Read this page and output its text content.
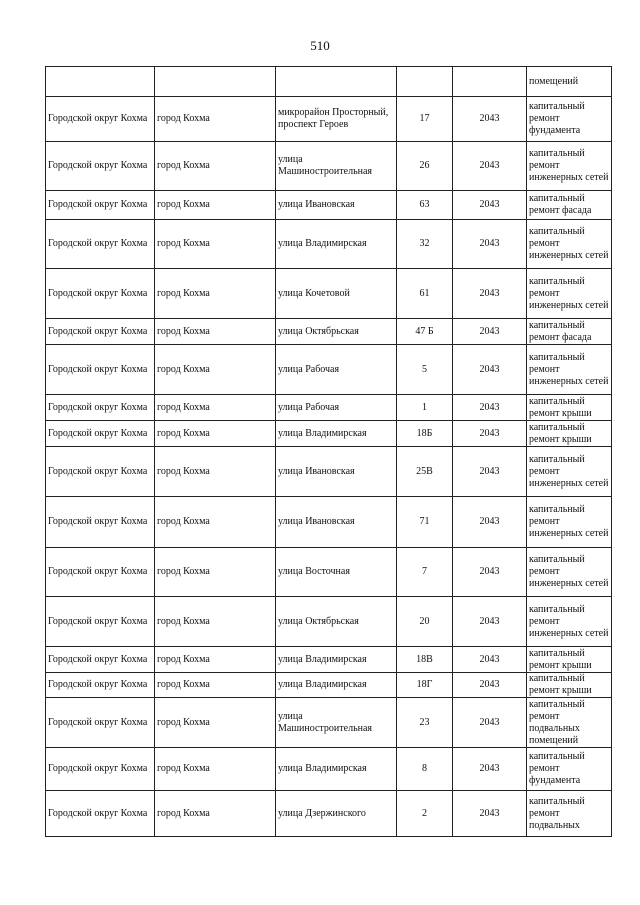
510
					помещений
Городской округ Кохма	город Кохма	микрорайон Просторный, проспект Героев	17	2043	капитальный ремонт фундамента
Городской округ Кохма	город Кохма	улица Машиностроительная	26	2043	капитальный ремонт инженерных сетей
Городской округ Кохма	город Кохма	улица Ивановская	63	2043	капитальный ремонт фасада
Городской округ Кохма	город Кохма	улица Владимирская	32	2043	капитальный ремонт инженерных сетей
Городской округ Кохма	город Кохма	улица Кочетовой	61	2043	капитальный ремонт инженерных сетей
Городской округ Кохма	город Кохма	улица Октябрьская	47 Б	2043	капитальный ремонт фасада
Городской округ Кохма	город Кохма	улица Рабочая	5	2043	капитальный ремонт инженерных сетей
Городской округ Кохма	город Кохма	улица Рабочая	1	2043	капитальный ремонт крыши
Городской округ Кохма	город Кохма	улица Владимирская	18Б	2043	капитальный ремонт крыши
Городской округ Кохма	город Кохма	улица Ивановская	25В	2043	капитальный ремонт инженерных сетей
Городской округ Кохма	город Кохма	улица Ивановская	71	2043	капитальный ремонт инженерных сетей
Городской округ Кохма	город Кохма	улица Восточная	7	2043	капитальный ремонт инженерных сетей
Городской округ Кохма	город Кохма	улица Октябрьская	20	2043	капитальный ремонт инженерных сетей
Городской округ Кохма	город Кохма	улица Владимирская	18В	2043	капитальный ремонт крыши
Городской округ Кохма	город Кохма	улица Владимирская	18Г	2043	капитальный ремонт крыши
Городской округ Кохма	город Кохма	улица Машиностроительная	23	2043	капитальный ремонт подвальных помещений
Городской округ Кохма	город Кохма	улица Владимирская	8	2043	капитальный ремонт фундамента
Городской округ Кохма	город Кохма	улица Дзержинского	2	2043	капитальный ремонт подвальных
